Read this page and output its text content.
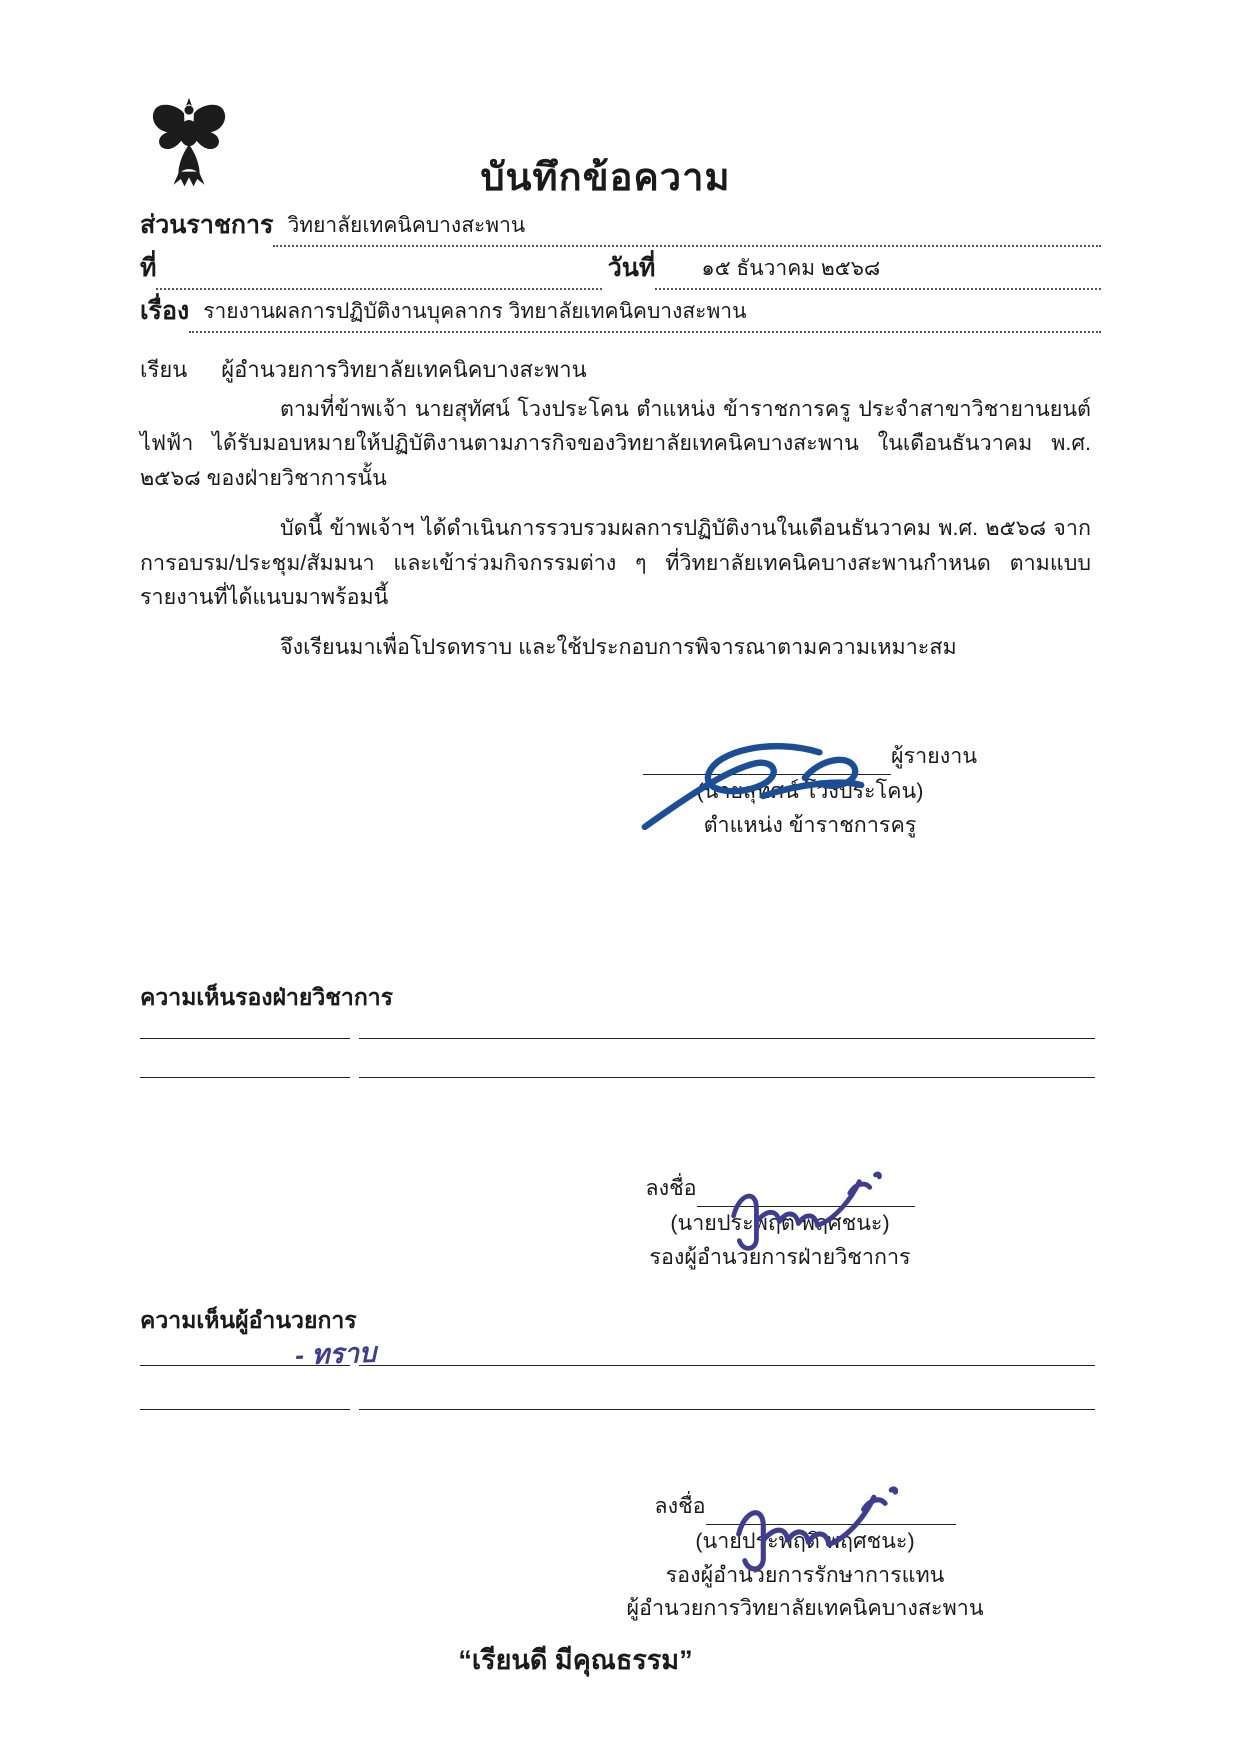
บันทึกข้อความ
ส่วนราชการ วิทยาลัยเทคนิคบางสะพาน
ที่	วันที่	๑๕ ธันวาคม ๒๕๖๘
เรื่อง รายงานผลการปฏิบัติงานบุคลากร วิทยาลัยเทคนิคบางสะพาน
เรียน ผู้อำนวยการวิทยาลัยเทคนิคบางสะพาน

ตามที่ข้าพเจ้า นายสุทัศน์ โวงประโคน ตำแหน่ง ข้าราชการครู ประจำสาขาวิชายานยนต์ไฟฟ้า ได้รับมอบหมายให้ปฏิบัติงานตามภารกิจของวิทยาลัยเทคนิคบางสะพาน ในเดือนธันวาคม พ.ศ. ๒๕๖๘ ของฝ่ายวิชาการนั้น

บัดนี้ ข้าพเจ้าฯ ได้ดำเนินการรวบรวมผลการปฏิบัติงานในเดือนธันวาคม พ.ศ. ๒๕๖๘ จากการอบรม/ประชุม/สัมมนา และเข้าร่วมกิจกรรมต่าง ๆ ที่วิทยาลัยเทคนิคบางสะพานกำหนด ตามแบบรายงานที่ได้แนบมาพร้อมนี้

จึงเรียนมาเพื่อโปรดทราบ และใช้ประกอบการพิจารณาตามความเหมาะสม

ผู้รายงาน
(นายสุทัศน์ โวงประโคน)
ตำแหน่ง ข้าราชการครู
ความเห็นรองฝ่ายวิชาการ
ลงชื่อ
(นายประพฤติ พฤศชนะ)
รองผู้อำนวยการฝ่ายวิชาการ
ความเห็นผู้อำนวยการ
- ทราบ
ลงชื่อ
(นายประพฤติ พฤศชนะ)
รองผู้อำนวยการรักษาการแทน
ผู้อำนวยการวิทยาลัยเทคนิคบางสะพาน
“เรียนดี มีคุณธรรม”
